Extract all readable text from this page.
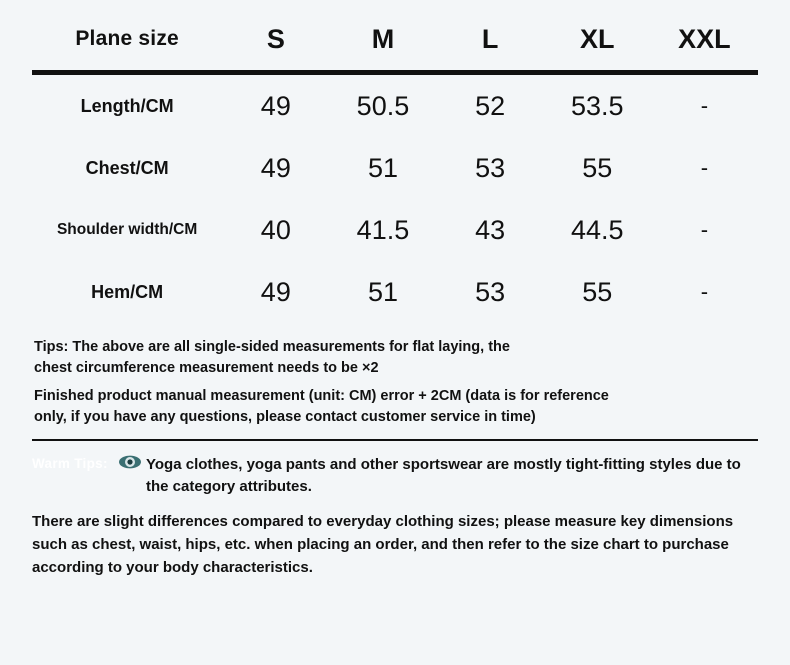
Plane size	S	M	L	XL	XXL

Length/CM	49	50.5	52	53.5	-
Chest/CM	49	51	53	55	-
Shoulder width/CM	40	41.5	43	44.5	-
Hem/CM	49	51	53	55	-
Tips: The above are all single-sided measurements for flat laying, the
chest circumference measurement needs to be ×2
Finished product manual measurement (unit: CM) error + 2CM (data is for reference
only, if you have any questions, please contact customer service in time)
Warm Tips:	Yoga clothes, yoga pants and other sportswear are mostly tight-fitting styles due to the category attributes.
There are slight differences compared to everyday clothing sizes; please measure key dimensions such as chest, waist, hips, etc. when placing an order, and then refer to the size chart to purchase according to your body characteristics.
